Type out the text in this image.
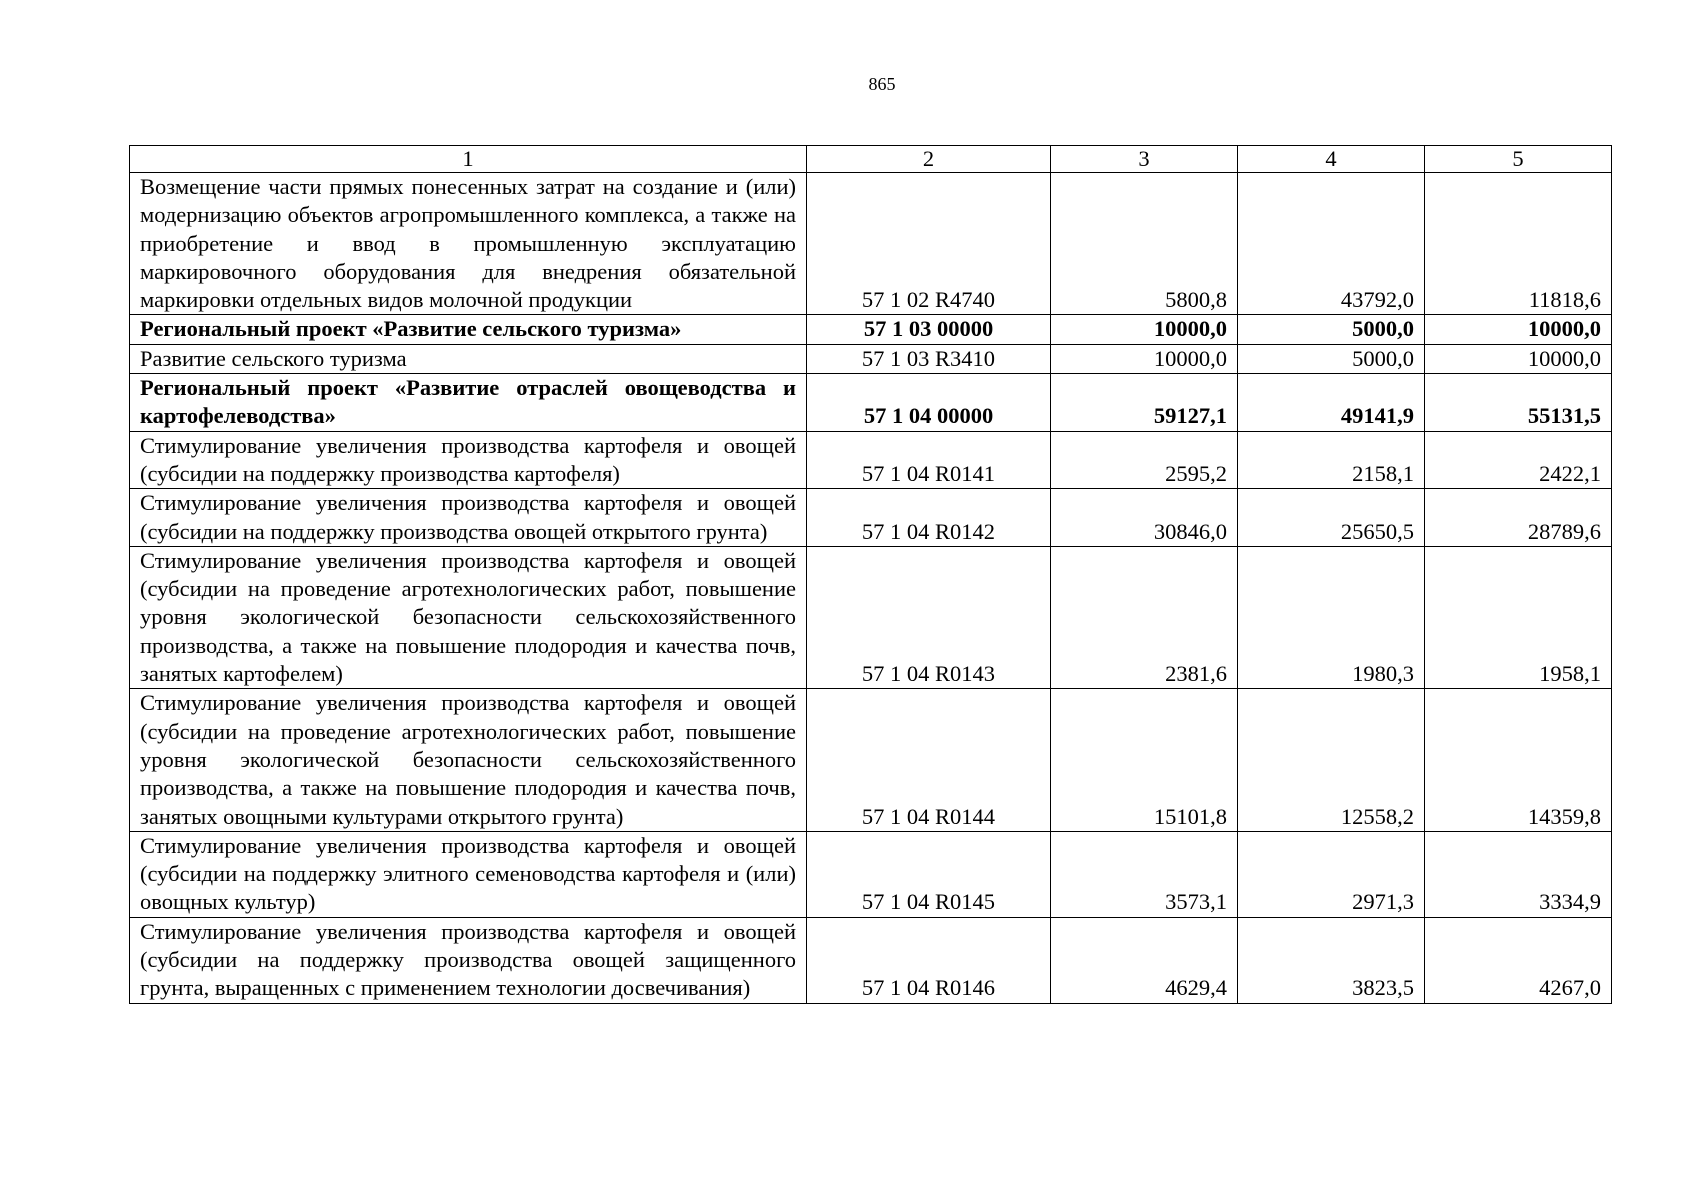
865
1	2	3	4	5
Возмещение части прямых понесенных затрат на создание и (или) модернизацию объектов агропромышленного комплекса, а также на приобретение и ввод в промышленную эксплуатацию маркировочного оборудования для внедрения обязательной маркировки отдельных видов молочной продукции	57 1 02 R4740	5800,8	43792,0	11818,6
Региональный проект «Развитие сельского туризма»	57 1 03 00000	10000,0	5000,0	10000,0
Развитие сельского туризма	57 1 03 R3410	10000,0	5000,0	10000,0
Региональный проект «Развитие отраслей овощеводства и картофелеводства»	57 1 04 00000	59127,1	49141,9	55131,5
Стимулирование увеличения производства картофеля и овощей (субсидии на поддержку производства картофеля)	57 1 04 R0141	2595,2	2158,1	2422,1
Стимулирование увеличения производства картофеля и овощей (субсидии на поддержку производства овощей открытого грунта)	57 1 04 R0142	30846,0	25650,5	28789,6
Стимулирование увеличения производства картофеля и овощей (субсидии на проведение агротехнологических работ, повышение уровня экологической безопасности сельскохозяйственного производства, а также на повышение плодородия и качества почв, занятых картофелем)	57 1 04 R0143	2381,6	1980,3	1958,1
Стимулирование увеличения производства картофеля и овощей (субсидии на проведение агротехнологических работ, повышение уровня экологической безопасности сельскохозяйственного производства, а также на повышение плодородия и качества почв, занятых овощными культурами открытого грунта)	57 1 04 R0144	15101,8	12558,2	14359,8
Стимулирование увеличения производства картофеля и овощей (субсидии на поддержку элитного семеноводства картофеля и (или) овощных культур)	57 1 04 R0145	3573,1	2971,3	3334,9
Стимулирование увеличения производства картофеля и овощей (субсидии на поддержку производства овощей защищенного грунта, выращенных с применением технологии досвечивания)	57 1 04 R0146	4629,4	3823,5	4267,0
